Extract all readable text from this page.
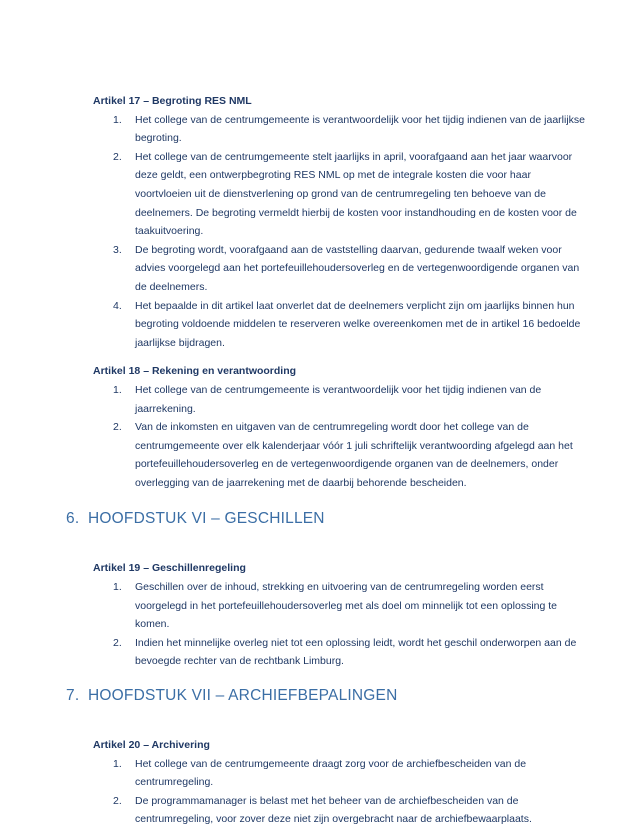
Artikel 17 – Begroting RES NML
1.	Het college van de centrumgemeente is verantwoordelijk voor het tijdig indienen van de jaarlijkse begroting.
2.	Het college van de centrumgemeente stelt jaarlijks in april, voorafgaand aan het jaar waarvoor deze geldt, een ontwerpbegroting RES NML op met de integrale kosten die voor haar voortvloeien uit de dienstverlening op grond van de centrumregeling ten behoeve van de deelnemers. De begroting vermeldt hierbij de kosten voor instandhouding en de kosten voor de taakuitvoering.
3.	De begroting wordt, voorafgaand aan de vaststelling daarvan, gedurende twaalf weken voor advies voorgelegd aan het portefeuillehoudersoverleg en de vertegenwoordigende organen van de deelnemers.
4.	Het bepaalde in dit artikel laat onverlet dat de deelnemers verplicht zijn om jaarlijks binnen hun begroting voldoende middelen te reserveren welke overeenkomen met de in artikel 16 bedoelde jaarlijkse bijdragen.
Artikel 18 – Rekening en verantwoording
1.	Het college van de centrumgemeente is verantwoordelijk voor het tijdig indienen van de jaarrekening.
2.	Van de inkomsten en uitgaven van de centrumregeling wordt door het college van de centrumgemeente over elk kalenderjaar vóór 1 juli schriftelijk verantwoording afgelegd aan het portefeuillehoudersoverleg en de vertegenwoordigende organen van de deelnemers, onder overlegging van de jaarrekening met de daarbij behorende bescheiden.
6. HOOFDSTUK VI – GESCHILLEN
Artikel 19 – Geschillenregeling
1.	Geschillen over de inhoud, strekking en uitvoering van de centrumregeling worden eerst voorgelegd in het portefeuillehoudersoverleg met als doel om minnelijk tot een oplossing te komen.
2.	Indien het minnelijke overleg niet tot een oplossing leidt, wordt het geschil onderworpen aan de bevoegde rechter van de rechtbank Limburg.
7. HOOFDSTUK VII – ARCHIEFBEPALINGEN
Artikel 20 – Archivering
1.	Het college van de centrumgemeente draagt zorg voor de archiefbescheiden van de centrumregeling.
2.	De programmamanager is belast met het beheer van de archiefbescheiden van de centrumregeling, voor zover deze niet zijn overgebracht naar de archiefbewaarplaats.
